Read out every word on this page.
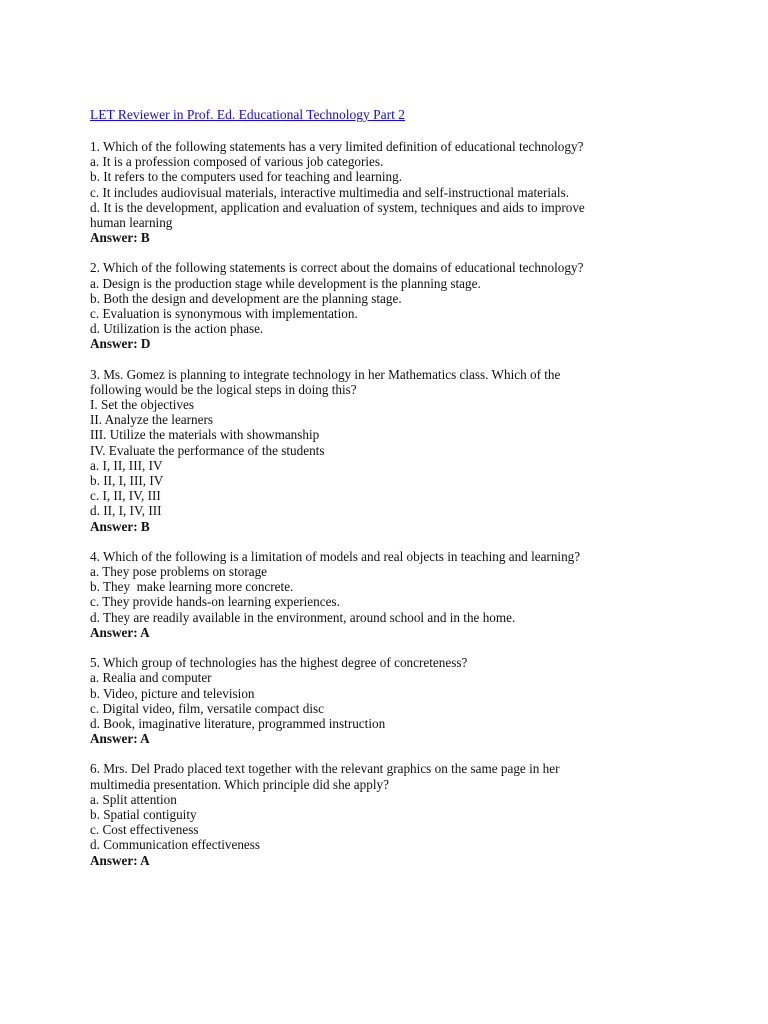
LET Reviewer in Prof. Ed. Educational Technology Part 2
1. Which of the following statements has a very limited definition of educational technology?
a. It is a profession composed of various job categories.
b. It refers to the computers used for teaching and learning.
c. It includes audiovisual materials, interactive multimedia and self-instructional materials.
d. It is the development, application and evaluation of system, techniques and aids to improve
human learning
Answer: B
2. Which of the following statements is correct about the domains of educational technology?
a. Design is the production stage while development is the planning stage.
b. Both the design and development are the planning stage.
c. Evaluation is synonymous with implementation.
d. Utilization is the action phase.
Answer: D
3. Ms. Gomez is planning to integrate technology in her Mathematics class. Which of the
following would be the logical steps in doing this?
I. Set the objectives
II. Analyze the learners
III. Utilize the materials with showmanship
IV. Evaluate the performance of the students
a. I, II, III, IV
b. II, I, III, IV
c. I, II, IV, III
d. II, I, IV, III
Answer: B
4. Which of the following is a limitation of models and real objects in teaching and learning?
a. They pose problems on storage
b. They  make learning more concrete.
c. They provide hands-on learning experiences.
d. They are readily available in the environment, around school and in the home.
Answer: A
5. Which group of technologies has the highest degree of concreteness?
a. Realia and computer
b. Video, picture and television
c. Digital video, film, versatile compact disc
d. Book, imaginative literature, programmed instruction
Answer: A
6. Mrs. Del Prado placed text together with the relevant graphics on the same page in her
multimedia presentation. Which principle did she apply?
a. Split attention
b. Spatial contiguity
c. Cost effectiveness
d. Communication effectiveness
Answer: A
